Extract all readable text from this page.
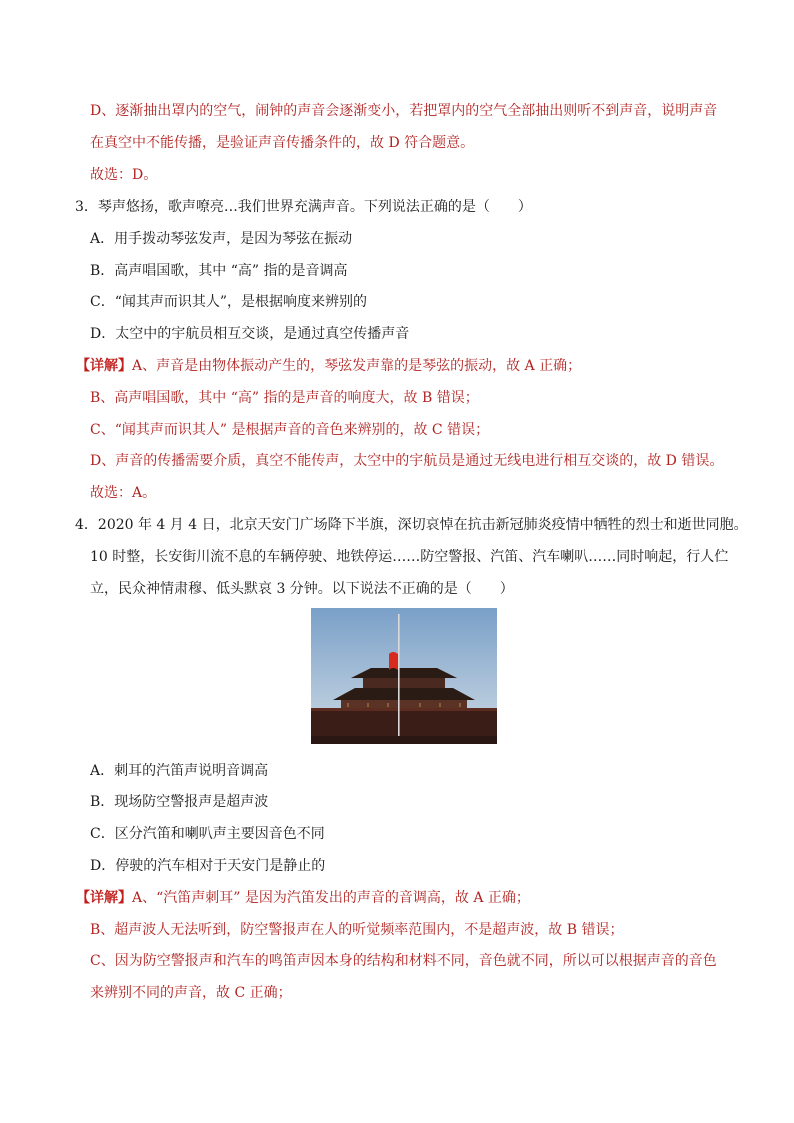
D、逐渐抽出罩内的空气，闹钟的声音会逐渐变小，若把罩内的空气全部抽出则听不到声音，说明声音
在真空中不能传播，是验证声音传播条件的，故 D 符合题意。
故选：D。
3．琴声悠扬，歌声嘹亮…我们世界充满声音。下列说法正确的是（　　）
A．用手拨动琴弦发声，是因为琴弦在振动
B．高声唱国歌，其中 “高” 指的是音调高
C．“闻其声而识其人”，是根据响度来辨别的
D．太空中的宇航员相互交谈，是通过真空传播声音
【详解】A、声音是由物体振动产生的，琴弦发声靠的是琴弦的振动，故 A 正确；
B、高声唱国歌，其中 “高” 指的是声音的响度大，故 B 错误；
C、“闻其声而识其人” 是根据声音的音色来辨别的，故 C 错误；
D、声音的传播需要介质，真空不能传声，太空中的宇航员是通过无线电进行相互交谈的，故 D 错误。
故选：A。
4．2020 年 4 月 4 日，北京天安门广场降下半旗，深切哀悼在抗击新冠肺炎疫情中牺牲的烈士和逝世同胞。
10 时整，长安街川流不息的车辆停驶、地铁停运……防空警报、汽笛、汽车喇叭……同时响起，行人伫
立，民众神情肃穆、低头默哀 3 分钟。以下说法不正确的是（　　）
A．刺耳的汽笛声说明音调高
B．现场防空警报声是超声波
C．区分汽笛和喇叭声主要因音色不同
D．停驶的汽车相对于天安门是静止的
【详解】A、“汽笛声刺耳” 是因为汽笛发出的声音的音调高，故 A 正确；
B、超声波人无法听到，防空警报声在人的听觉频率范围内，不是超声波，故 B 错误；
C、因为防空警报声和汽车的鸣笛声因本身的结构和材料不同，音色就不同，所以可以根据声音的音色
来辨别不同的声音，故 C 正确；
